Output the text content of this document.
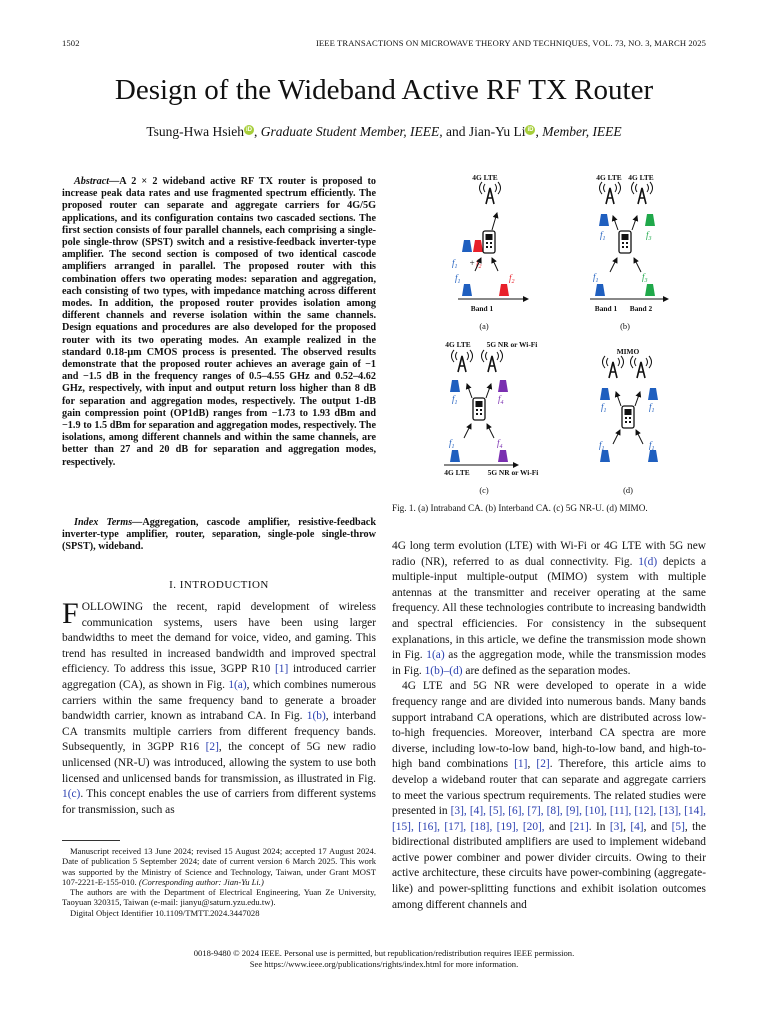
1502	IEEE TRANSACTIONS ON MICROWAVE THEORY AND TECHNIQUES, VOL. 73, NO. 3, MARCH 2025
Design of the Wideband Active RF TX Router
Tsung-Hwa Hsieh iD , Graduate Student Member, IEEE, and Jian-Yu Li iD , Member, IEEE
Abstract—A 2 × 2 wideband active RF TX router is proposed to increase peak data rates and use fragmented spectrum efficiently. The proposed router can separate and aggregate carriers for 4G/5G applications, and its configuration contains two cascaded sections. The first section consists of four parallel channels, each comprising a single-pole single-throw (SPST) switch and a resistive-feedback inverter-type amplifier. The second section is composed of two identical cascode amplifiers arranged in parallel. The proposed router with this combination offers two operating modes: separation and aggregation, each consisting of two types, with impedance matching across different modes. In addition, the proposed router provides isolation among different channels and reverse isolation within the same channels. Design equations and procedures are also developed for the proposed router with its two operating modes. An example realized in the standard 0.18-μm CMOS process is presented. The observed results demonstrate that the proposed router achieves an average gain of −1 and −1.5 dB in the frequency ranges of 0.5–4.55 GHz and 0.52–4.62 GHz, respectively, with input and output return loss higher than 8 dB for separation and aggregation modes, respectively. The output 1-dB gain compression point (OP1dB) ranges from −1.73 to 1.93 dBm and −1.9 to 1.5 dBm for separation and aggregation modes, respectively. The isolations, among different channels and within the same channels, are better than 27 and 20 dB for separation and aggregation modes, respectively.
Index Terms—Aggregation, cascode amplifier, resistive-feedback inverter-type amplifier, router, separation, single-pole single-throw (SPST), wideband.
I. INTRODUCTION
FOLLOWING the recent, rapid development of wireless communication systems, users have been using larger bandwidths to meet the demand for voice, video, and gaming. This trend has resulted in increased bandwidth and improved spectral efficiency. To address this issue, 3GPP R10 [1] introduced carrier aggregation (CA), as shown in Fig. 1(a), which combines numerous carriers within the same frequency band to generate a broader bandwidth carrier, known as intraband CA. In Fig. 1(b), interband CA transmits multiple carriers from different frequency bands. Subsequently, in 3GPP R16 [2], the concept of 5G new radio unlicensed (NR-U) was introduced, allowing the system to use both licensed and unlicensed bands for transmission, as illustrated in Fig. 1(c). This concept enables the use of carriers from different systems for transmission, such as

Manuscript received 13 June 2024; revised 15 August 2024; accepted 17 August 2024. Date of publication 5 September 2024; date of current version 6 March 2025. This work was supported by the Ministry of Science and Technology, Taiwan, under Grant MOST 107-2221-E-155-010. (Corresponding author: Jian-Yu Li.)

The authors are with the Department of Electrical Engineering, Yuan Ze University, Taoyuan 320315, Taiwan (e-mail: jianyu@saturn.yzu.edu.tw).

Digital Object Identifier 10.1109/TMTT.2024.3447028

4G LTE
$f_1 + f_2$
$f_1$	$f_2$
Band 1
(a)
4G LTE 4G LTE
$f_1$	$f_3$
$f_1$	$f_3$
Band 1 Band 2
(b)
4G LTE 5G NR or Wi-Fi
$f_1$	$f_4$
$f_1$	$f_4$
4G LTE 5G NR or Wi-Fi
(c)
MIMO
$f_1$	$f_1$
$f_1$	$f_1$
(d)
Fig. 1. (a) Intraband CA. (b) Interband CA. (c) 5G NR-U. (d) MIMO.

4G long term evolution (LTE) with Wi-Fi or 4G LTE with 5G new radio (NR), referred to as dual connectivity. Fig. 1(d) depicts a multiple-input multiple-output (MIMO) system with multiple antennas at the transmitter and receiver operating at the same frequency. All these technologies contribute to increasing bandwidth and spectral efficiencies. For consistency in the subsequent explanations, in this article, we define the transmission mode shown in Fig. 1(a) as the aggregation mode, while the transmission modes in Fig. 1(b)–(d) are defined as the separation modes.

4G LTE and 5G NR were developed to operate in a wide frequency range and are divided into numerous bands. Many bands support intraband CA operations, which are distributed across low-to-high frequencies. Moreover, interband CA spectra are more diverse, including low-to-low band, high-to-low band, and high-to-high band combinations [1], [2]. Therefore, this article aims to develop a wideband router that can separate and aggregate carriers to meet the various spectrum requirements. The related studies were presented in [3], [4], [5], [6], [7], [8], [9], [10], [11], [12], [13], [14], [15], [16], [17], [18], [19], [20], and [21]. In [3], [4], and [5], the bidirectional distributed amplifiers are used to implement wideband active power combiner and power divider circuits. Owing to their active architecture, these circuits have power-combining (aggregate-like) and power-splitting functions and exhibit isolation outcomes among different channels and

0018-9480 © 2024 IEEE. Personal use is permitted, but republication/redistribution requires IEEE permission.
See https://www.ieee.org/publications/rights/index.html for more information.
